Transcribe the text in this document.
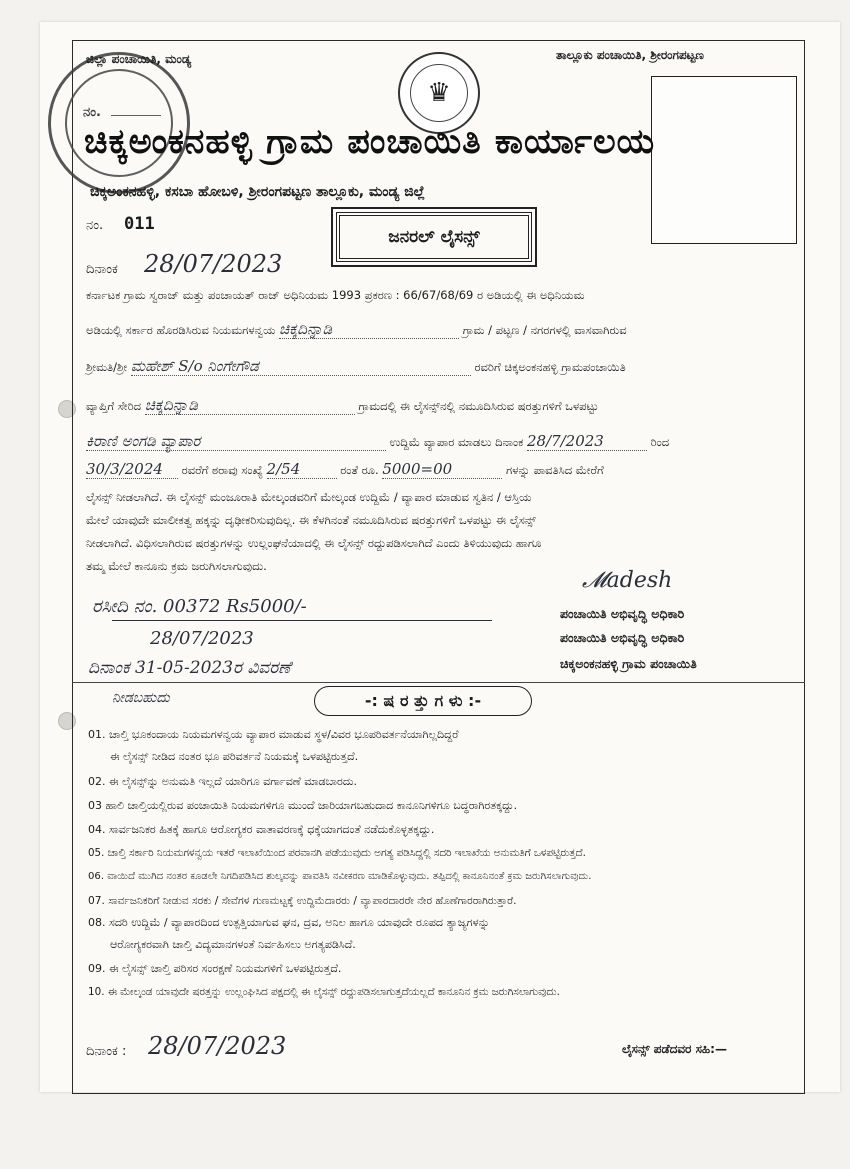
ನಂ.
ಜಿಲ್ಲಾ ಪಂಚಾಯಿತಿ, ಮಂಡ್ಯ	ತಾಲ್ಲೂಕು ಪಂಚಾಯಿತಿ, ಶ್ರೀರಂಗಪಟ್ಟಣ
♛
ಚಿಕ್ಕಅಂಕನಹಳ್ಳಿ ಗ್ರಾಮ ಪಂಚಾಯಿತಿ ಕಾರ್ಯಾಲಯ
ಚಿಕ್ಕಅಂಕನಹಳ್ಳಿ, ಕಸಬಾ ಹೋಬಳಿ, ಶ್ರೀರಂಗಪಟ್ಟಣ ತಾಲ್ಲೂಕು, ಮಂಡ್ಯ ಜಿಲ್ಲೆ
ನಂ. 011
ಜನರಲ್ ಲೈಸನ್ಸ್
ದಿನಾಂಕ 28/07/2023
ಕರ್ನಾಟಕ ಗ್ರಾಮ ಸ್ವರಾಜ್ ಮತ್ತು ಪಂಚಾಯತ್ ರಾಜ್ ಅಧಿನಿಯಮ 1993 ಪ್ರಕರಣ : 66/67/68/69 ರ ಅಡಿಯಲ್ಲಿ ಈ ಅಧಿನಿಯಮ
ಅಡಿಯಲ್ಲಿ ಸರ್ಕಾರ ಹೊರಡಿಸಿರುವ ನಿಯಮಗಳನ್ವಯ ಚಿಕ್ಕದಿನ್ನಾಡಿ	ಗ್ರಾಮ / ಪಟ್ಟಣ / ನಗರಗಳಲ್ಲಿ ವಾಸವಾಗಿರುವ
ಶ್ರೀಮತಿ/ಶ್ರೀ ಮಹೇಶ್ S/o ನಿಂಗೇಗೌಡ	ರವರಿಗೆ ಚಿಕ್ಕಅಂಕನಹಳ್ಳಿ ಗ್ರಾಮಪಂಚಾಯಿತಿ
ವ್ಯಾಪ್ತಿಗೆ ಸೇರಿದ ಚಿಕ್ಕದಿನ್ನಾಡಿ	ಗ್ರಾಮದಲ್ಲಿ ಈ ಲೈಸನ್ಸ್‌ನಲ್ಲಿ ನಮೂದಿಸಿರುವ ಷರತ್ತುಗಳಿಗೆ ಒಳಪಟ್ಟು
ಕಿರಾಣಿ ಅಂಗಡಿ ವ್ಯಾಪಾರ	ಉದ್ದಿಮೆ ವ್ಯಾಪಾರ ಮಾಡಲು ದಿನಾಂಕ 28/7/2023	ರಿಂದ
30/3/2024 ರವರೆಗೆ ಠರಾವು ಸಂಖ್ಯೆ 2/54	ರಂತೆ ರೂ. 5000=00	ಗಳನ್ನು ಪಾವತಿಸಿದ ಮೇರೆಗೆ
ಲೈಸನ್ಸ್ ನೀಡಲಾಗಿದೆ. ಈ ಲೈಸನ್ಸ್ ಮಂಜೂರಾತಿ ಮೇಲ್ಕಂಡವರಿಗೆ ಮೇಲ್ಕಂಡ ಉದ್ದಿಮೆ / ವ್ಯಾಪಾರ ಮಾಡುವ ಸ್ವತಿನ / ಆಸ್ತಿಯ
ಮೇಲೆ ಯಾವುದೇ ಮಾಲೀಕತ್ವ ಹಕ್ಕನ್ನು ದೃಢೀಕರಿಸುವುದಿಲ್ಲ. ಈ ಕೆಳಗಿನಂತೆ ನಮೂದಿಸಿರುವ ಷರತ್ತುಗಳಿಗೆ ಒಳಪಟ್ಟು ಈ ಲೈಸನ್ಸ್
ನೀಡಲಾಗಿದೆ. ವಿಧಿಸಲಾಗಿರುವ ಷರತ್ತುಗಳನ್ನು ಉಲ್ಲಂಘನೆಯಾದಲ್ಲಿ ಈ ಲೈಸನ್ಸ್ ರದ್ದುಪಡಿಸಲಾಗಿದೆ ಎಂದು ತಿಳಿಯುವುದು ಹಾಗೂ
ತಮ್ಮ ಮೇಲೆ ಕಾನೂನು ಕ್ರಮ ಜರುಗಿಸಲಾಗುವುದು.
ರಸೀದಿ ನಂ. 00372 Rs5000/-
28/07/2023
ದಿನಾಂಕ 31-05-2023ರ ವಿವರಣೆ
ನೀಡಬಹುದು
𝓜adesh
ಪಂಚಾಯಿತಿ ಅಭಿವೃದ್ಧಿ ಅಧಿಕಾರಿ
ಪಂಚಾಯಿತಿ ಅಭಿವೃದ್ಧಿ ಅಧಿಕಾರಿ
ಚಿಕ್ಕಅಂಕನಹಳ್ಳಿ ಗ್ರಾಮ ಪಂಚಾಯಿತಿ
-: ಷ ರ ತ್ತು ಗ ಳು :-
01. ಚಾಲ್ತಿ ಭೂಕಂದಾಯ ನಿಯಮಗಳನ್ವಯ ವ್ಯಾಪಾರ ಮಾಡುವ ಸ್ಥಳ/ವಿವರ ಭೂಪರಿವರ್ತನೆಯಾಗಿಲ್ಲದಿದ್ದರೆ
ಈ ಲೈಸನ್ಸ್ ನೀಡಿದ ನಂತರ ಭೂ ಪರಿವರ್ತನೆ ನಿಯಮಕ್ಕೆ ಒಳಪಟ್ಟಿರುತ್ತದೆ.
02. ಈ ಲೈಸನ್ಸ್‌ನ್ನು ಅನುಮತಿ ಇಲ್ಲದೆ ಯಾರಿಗೂ ವರ್ಗಾವಣೆ ಮಾಡಬಾರದು.
03 ಹಾಲಿ ಚಾಲ್ತಿಯಲ್ಲಿರುವ ಪಂಚಾಯಿತಿ ನಿಯಮಗಳಿಗೂ ಮುಂದೆ ಜಾರಿಯಾಗಬಹುದಾದ ಕಾನೂನಿಗಳಿಗೂ ಬದ್ಧರಾಗಿರತಕ್ಕದ್ದು.
04. ಸಾರ್ವಜನಿಕರ ಹಿತಕ್ಕೆ ಹಾಗೂ ಆರೋಗ್ಯಕರ ವಾತಾವರಣಕ್ಕೆ ಧಕ್ಕೆಯಾಗದಂತೆ ನಡೆದುಕೊಳ್ಳತಕ್ಕದ್ದು.
05. ಚಾಲ್ತಿ ಸರ್ಕಾರಿ ನಿಯಮಗಳನ್ವಯ ಇತರೆ ಇಲಾಖೆಯಿಂದ ಪರವಾನಗಿ ಪಡೆಯುವುದು ಅಗತ್ಯ ಪಡಿಸಿದ್ದಲ್ಲಿ ಸದರಿ ಇಲಾಖೆಯ ಅನುಮತಿಗೆ ಒಳಪಟ್ಟಿರುತ್ತದೆ.
06. ವಾಯಿದೆ ಮುಗಿದ ನಂತರ ಕೂಡಲೇ ನಿಗದಿಪಡಿಸಿದ ಶುಲ್ಕವನ್ನು ಪಾವತಿಸಿ ನವೀಕರಣ ಮಾಡಿಕೊಳ್ಳುವುದು. ತಪ್ಪಿದಲ್ಲಿ ಕಾನೂನಿನಂತೆ ಕ್ರಮ ಜರುಗಿಸಲಾಗುವುದು.
07. ಸಾರ್ವಜನಿಕರಿಗೆ ನೀಡುವ ಸರಕು / ಸೇವೆಗಳ ಗುಣಮಟ್ಟಕ್ಕೆ ಉದ್ದಿಮೆದಾರರು / ವ್ಯಾಪಾರದಾರರೇ ನೇರ ಹೊಣೆಗಾರರಾಗಿರುತ್ತಾರೆ.
08. ಸದರಿ ಉದ್ದಿಮೆ / ವ್ಯಾಪಾರದಿಂದ ಉತ್ಪತ್ತಿಯಾಗುವ ಘನ, ದ್ರವ, ಅನಿಲ ಹಾಗೂ ಯಾವುದೇ ರೂಪದ ತ್ಯಾಜ್ಯಗಳನ್ನು
ಆರೋಗ್ಯಕರವಾಗಿ ಚಾಲ್ತಿ ವಿದ್ಯಮಾನಗಳಂತೆ ನಿರ್ವಹಿಸಲು ಅಗತ್ಯಪಡಿಸಿದೆ.
09. ಈ ಲೈಸನ್ಸ್ ಚಾಲ್ತಿ ಪರಿಸರ ಸಂರಕ್ಷಣೆ ನಿಯಮಗಳಿಗೆ ಒಳಪಟ್ಟಿರುತ್ತದೆ.
10. ಈ ಮೇಲ್ಕಂಡ ಯಾವುದೇ ಷರತ್ತನ್ನು ಉಲ್ಲಂಘಿಸಿದ ಪಕ್ಷದಲ್ಲಿ ಈ ಲೈಸನ್ಸ್ ರದ್ದುಪಡಿಸಲಾಗುತ್ತದೆಯಲ್ಲದೆ ಕಾನೂನಿನ ಕ್ರಮ ಜರುಗಿಸಲಾಗುವುದು.
ದಿನಾಂಕ : 28/07/2023	ಲೈಸನ್ಸ್ ಪಡೆದವರ ಸಹಿ:—
